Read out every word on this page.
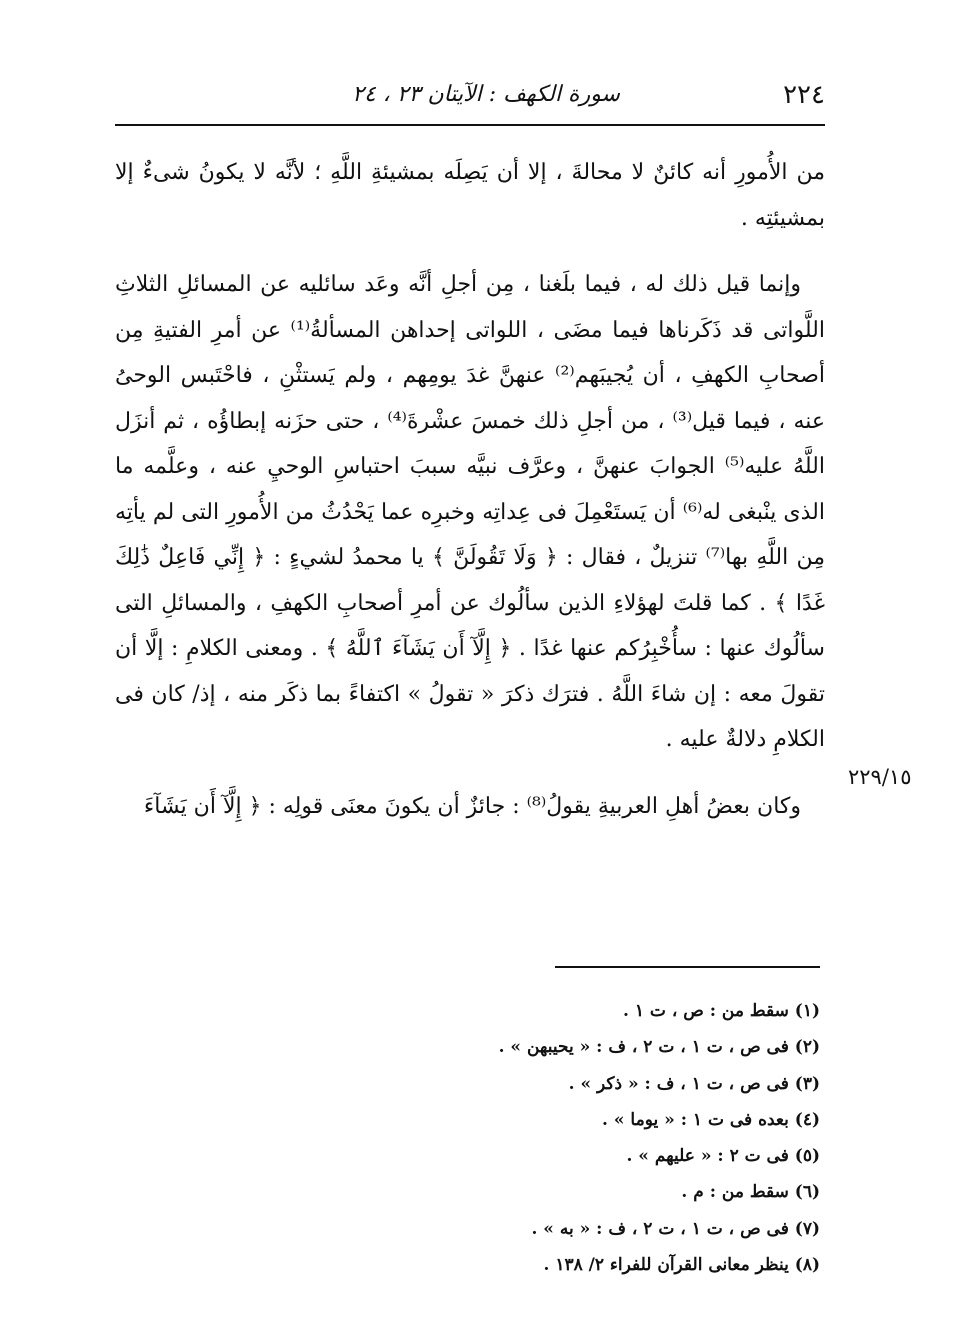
٢٢٤
سورة الكهف : الآيتان ٢٣ ، ٢٤

من الأُمورِ أنه كائنٌ لا محالةَ ، إلا أن يَصِلَه بمشيئةِ اللَّهِ ؛ لأنَّه لا يكونُ شىءٌ إلا بمشيئتِه .

وإنما قيل ذلك له ، فيما بلَغنا ، مِن أجلِ أنَّه وعَد سائليه عن المسائلِ الثلاثِ اللَّواتى قد ذَكَرناها فيما مضَى ، اللواتى إحداهن المسألةُ⁽¹⁾ عن أمرِ الفتيةِ مِن أصحابِ الكهفِ ، أن يُجيبَهم⁽²⁾ عنهنَّ غدَ يومِهم ، ولم يَستثْنِ ، فاحْتَبس الوحىُ عنه ، فيما قيل⁽³⁾ ، من أجلِ ذلك خمسَ عشْرةَ⁽⁴⁾ ، حتى حزَنه إبطاؤُه ، ثم أنزَل اللَّهُ عليه⁽⁵⁾ الجوابَ عنهنَّ ، وعرَّف نبيَّه سببَ احتباسِ الوحيِ عنه ، وعلَّمه ما الذى ينْبغى له⁽⁶⁾ أن يَستَعْمِلَ فى عِداتِه وخبرِه عما يَحْدُثُ من الأُمورِ التى لم يأتِه مِن اللَّهِ بها⁽⁷⁾ تنزيلٌ ، فقال : ﴿ وَلَا تَقُولَنَّ ﴾ يا محمدُ لشيءٍ : ﴿ إِنِّي فَاعِلٌ ذَٰلِكَ غَدًا ﴾ . كما قلتَ لهؤلاءِ الذين سألُوك عن أمرِ أصحابِ الكهفِ ، والمسائلِ التى سألُوك عنها : سأُخْبِرُكم عنها غدًا . ﴿ إِلَّآ أَن يَشَآءَ ٱللَّهُ ﴾ . ومعنى الكلامِ : إلَّا أن تقولَ معه : إن شاءَ اللَّهُ . فترَك ذكرَ « تقولُ » اكتفاءً بما ذكَر منه ، إذ/ كان فى الكلامِ دلالةٌ عليه .

وكان بعضُ أهلِ العربيةِ يقولُ⁽⁸⁾ : جائزٌ أن يكونَ معنَى قولِه : ﴿ إِلَّآ أَن يَشَآءَ

٢٢٩/١٥
(١) سقط من : ص ، ت ١ .
(٢) فى ص ، ت ١ ، ت ٢ ، ف : « يحيبهن » .
(٣) فى ص ، ت ١ ، ف : « ذكر » .
(٤) بعده فى ت ١ : « يوما » .
(٥) فى ت ٢ : « عليهم » .
(٦) سقط من : م .
(٧) فى ص ، ت ١ ، ت ٢ ، ف : « به » .
(٨) ينظر معانى القرآن للفراء ٢/ ١٣٨ .
